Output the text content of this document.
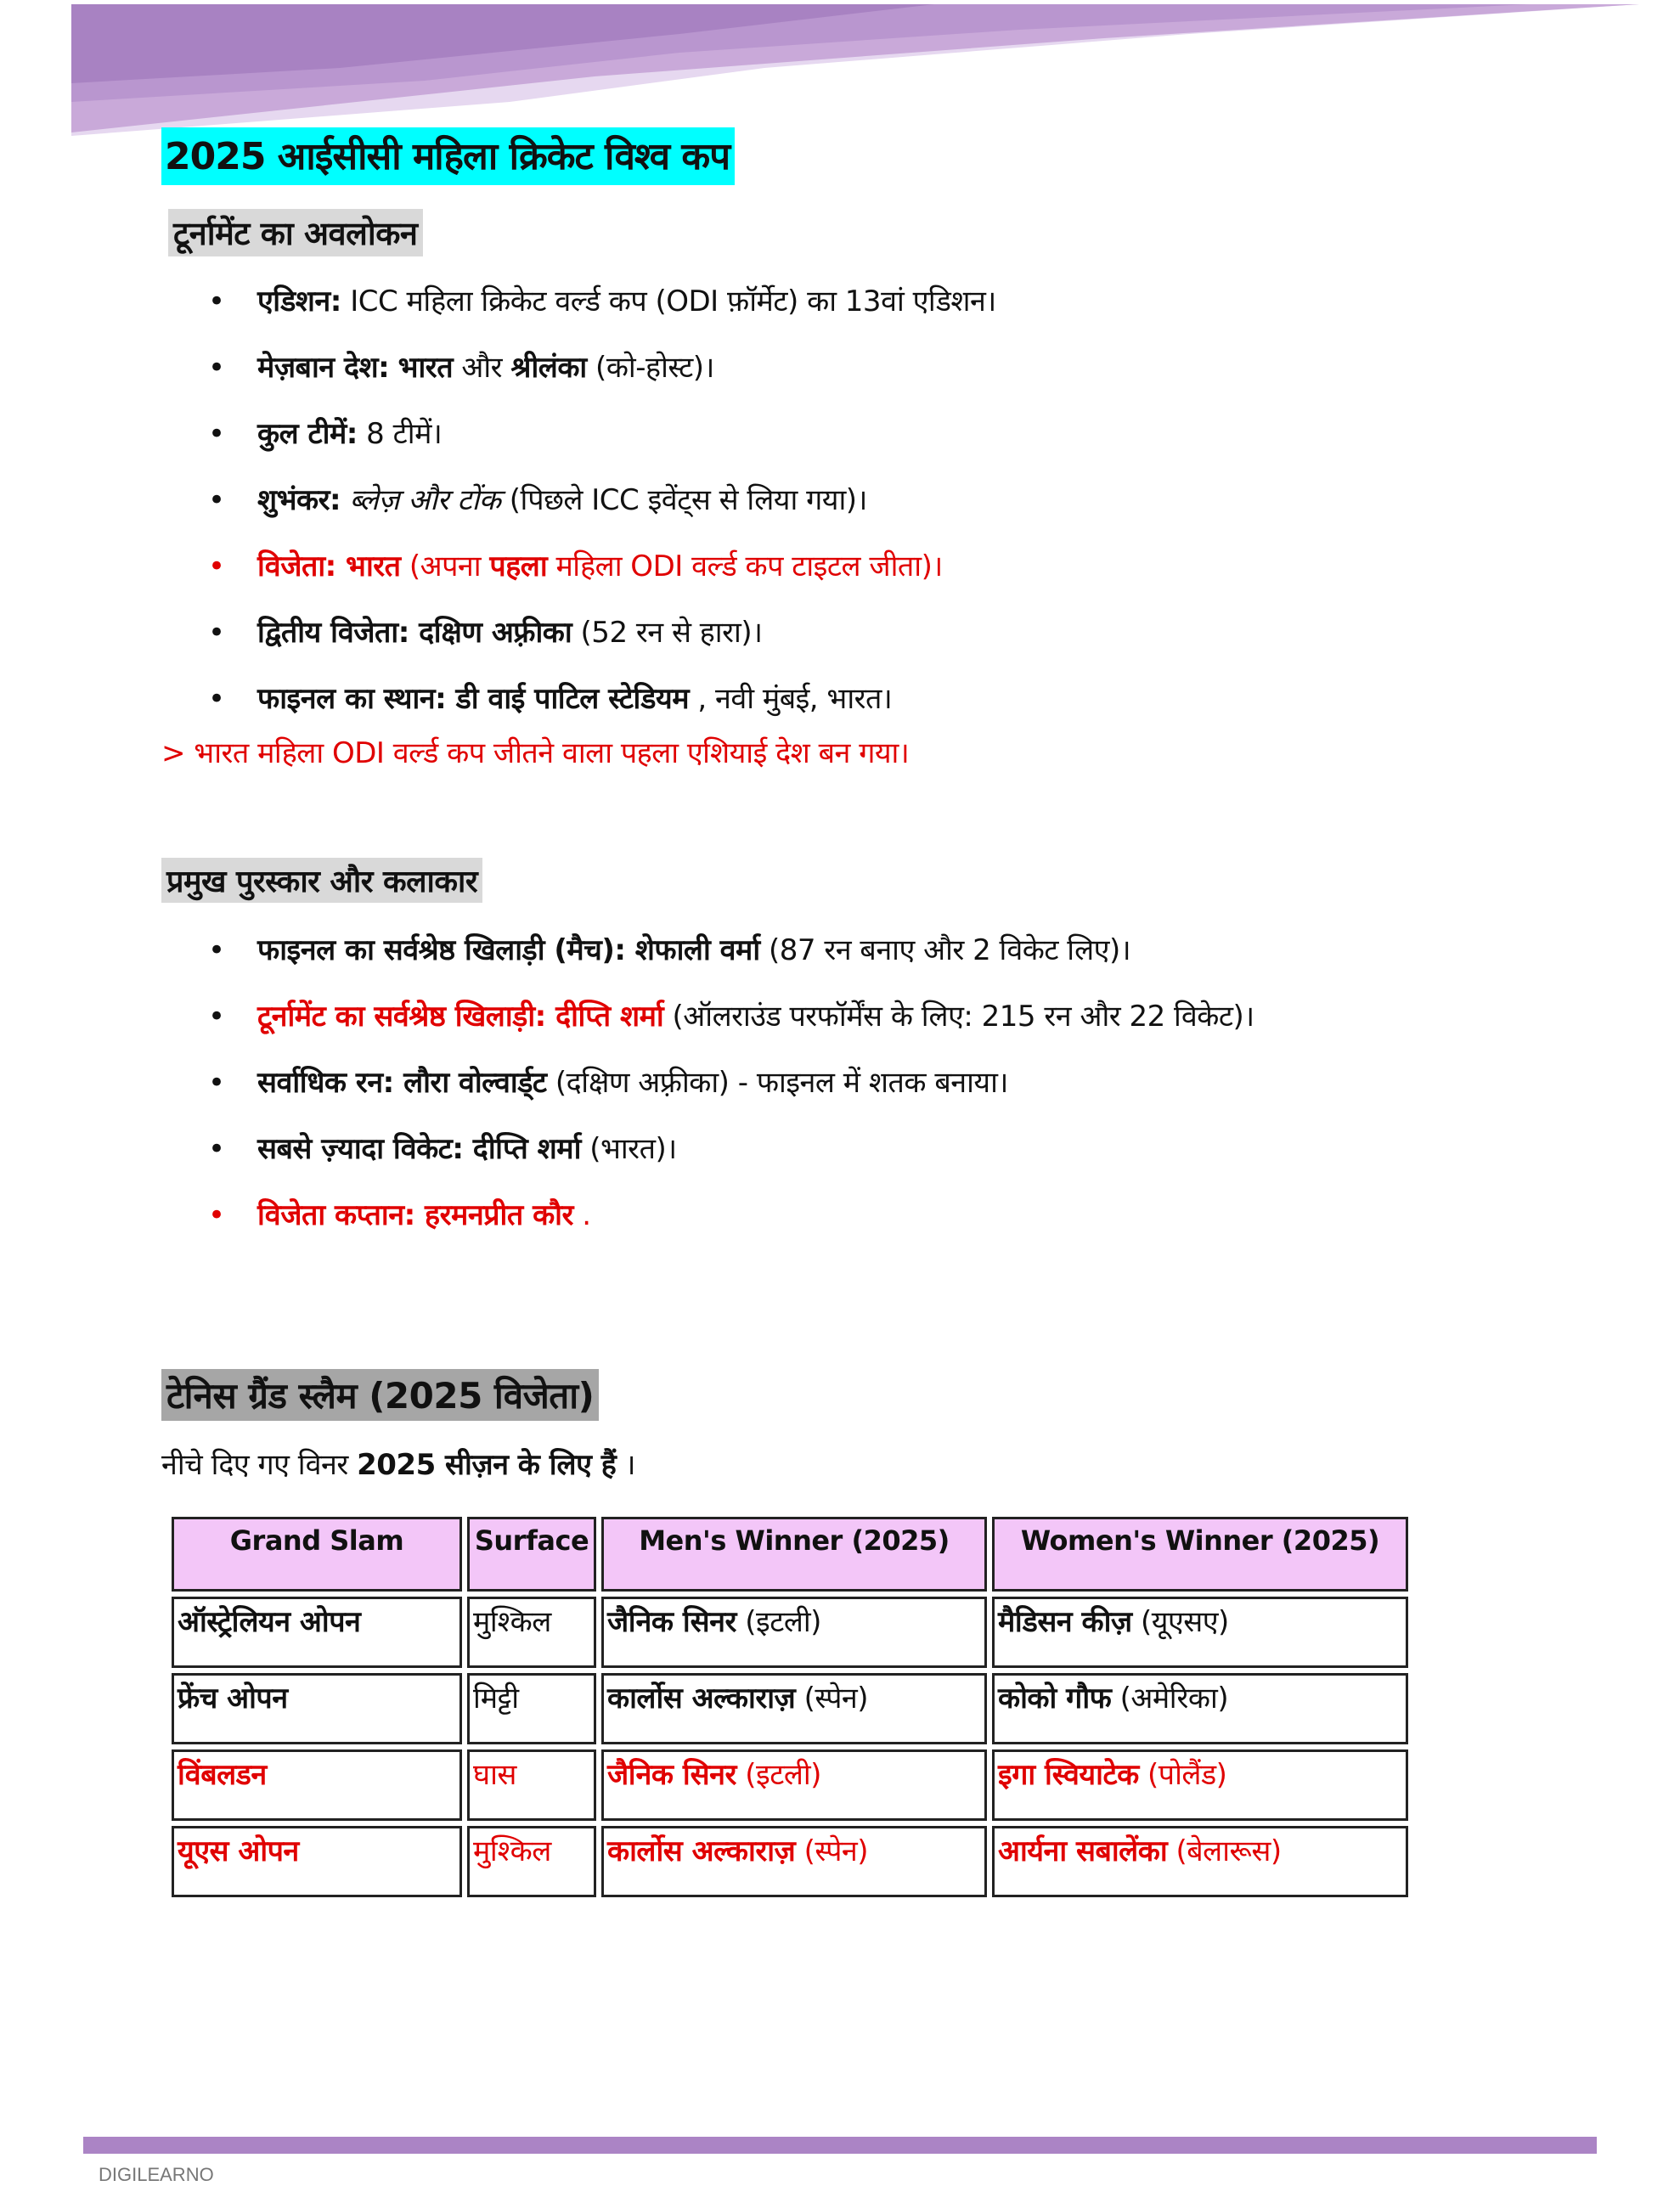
2025 आईसीसी महिला क्रिकेट विश्व कप
टूर्नामेंट का अवलोकन
• एडिशन: ICC महिला क्रिकेट वर्ल्ड कप (ODI फ़ॉर्मेट) का 13वां एडिशन।
• मेज़बान देश: भारत और श्रीलंका (को-होस्ट)।
• कुल टीमें: 8 टीमें।
• शुभंकर: ब्लेज़ और टोंक (पिछले ICC इवेंट्स से लिया गया)।
• विजेता: भारत (अपना पहला महिला ODI वर्ल्ड कप टाइटल जीता)।
• द्वितीय विजेता: दक्षिण अफ़्रीका (52 रन से हारा)।
• फाइनल का स्थान: डी वाई पाटिल स्टेडियम , नवी मुंबई, भारत।
> भारत महिला ODI वर्ल्ड कप जीतने वाला पहला एशियाई देश बन गया।
प्रमुख पुरस्कार और कलाकार
• फाइनल का सर्वश्रेष्ठ खिलाड़ी (मैच): शेफाली वर्मा (87 रन बनाए और 2 विकेट लिए)।
• टूर्नामेंट का सर्वश्रेष्ठ खिलाड़ी: दीप्ति शर्मा (ऑलराउंड परफॉर्मेंस के लिए: 215 रन और 22 विकेट)।
• सर्वाधिक रन: लौरा वोल्वार्ड्ट (दक्षिण अफ़्रीका) - फाइनल में शतक बनाया।
• सबसे ज़्यादा विकेट: दीप्ति शर्मा (भारत)।
• विजेता कप्तान: हरमनप्रीत कौर .
टेनिस ग्रैंड स्लैम (2025 विजेता)
नीचे दिए गए विनर 2025 सीज़न के लिए हैं ।
Grand Slam	Surface	Men's Winner (2025)	Women's Winner (2025)
ऑस्ट्रेलियन ओपन	मुश्किल	जैनिक सिनर (इटली)	मैडिसन कीज़ (यूएसए)
फ्रेंच ओपन	मिट्टी	कार्लोस अल्काराज़ (स्पेन)	कोको गौफ (अमेरिका)
विंबलडन	घास	जैनिक सिनर (इटली)	इगा स्वियाटेक (पोलैंड)
यूएस ओपन	मुश्किल	कार्लोस अल्काराज़ (स्पेन)	आर्यना सबालेंका (बेलारूस)
DIGILEARNO
